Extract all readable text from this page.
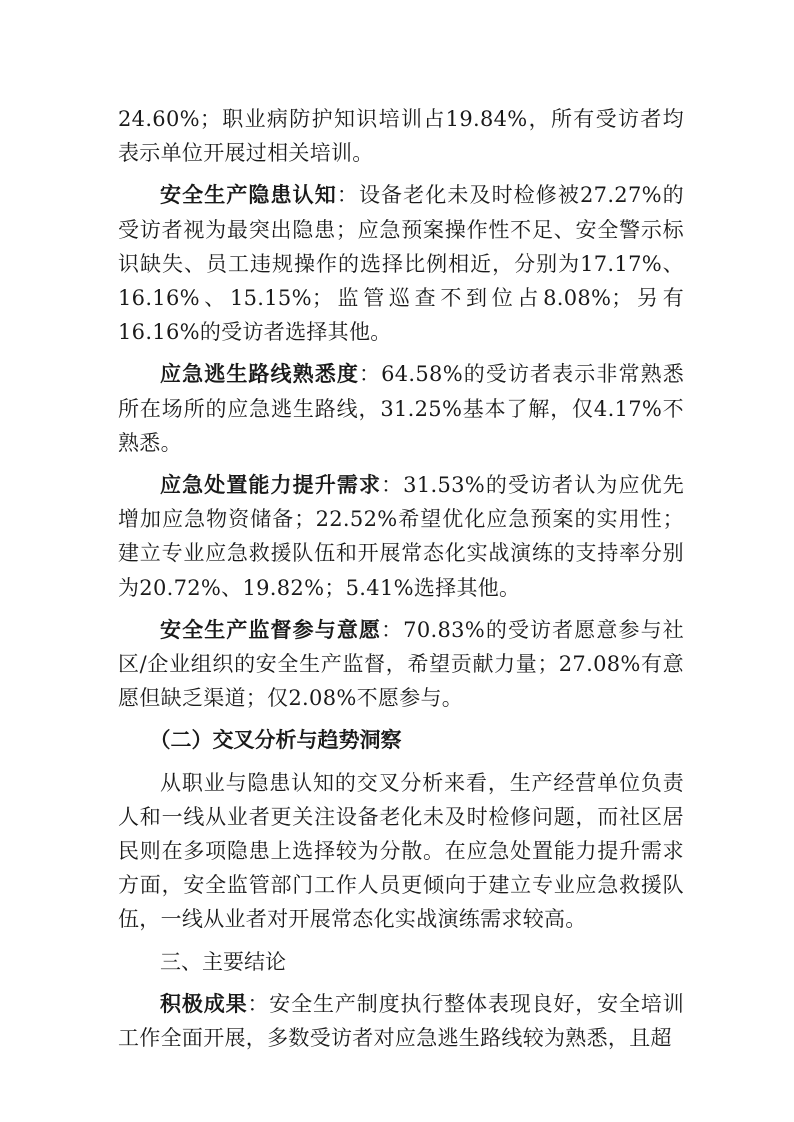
24.60%；职业病防护知识培训占19.84%，所有受访者均表示单位开展过相关培训。

安全生产隐患认知：设备老化未及时检修被27.27%的受访者视为最突出隐患；应急预案操作性不足、安全警示标识缺失、员工违规操作的选择比例相近，分别为17.17%、16.16%、15.15%；监管巡查不到位占8.08%；另有16.16%的受访者选择其他。

应急逃生路线熟悉度：64.58%的受访者表示非常熟悉所在场所的应急逃生路线，31.25%基本了解，仅4.17%不熟悉。

应急处置能力提升需求：31.53%的受访者认为应优先增加应急物资储备；22.52%希望优化应急预案的实用性；建立专业应急救援队伍和开展常态化实战演练的支持率分别为20.72%、19.82%；5.41%选择其他。

安全生产监督参与意愿：70.83%的受访者愿意参与社区/企业组织的安全生产监督，希望贡献力量；27.08%有意愿但缺乏渠道；仅2.08%不愿参与。

（二）交叉分析与趋势洞察

从职业与隐患认知的交叉分析来看，生产经营单位负责人和一线从业者更关注设备老化未及时检修问题，而社区居民则在多项隐患上选择较为分散。在应急处置能力提升需求方面，安全监管部门工作人员更倾向于建立专业应急救援队伍，一线从业者对开展常态化实战演练需求较高。

三、主要结论

积极成果：安全生产制度执行整体表现良好，安全培训工作全面开展，多数受访者对应急逃生路线较为熟悉，且超
